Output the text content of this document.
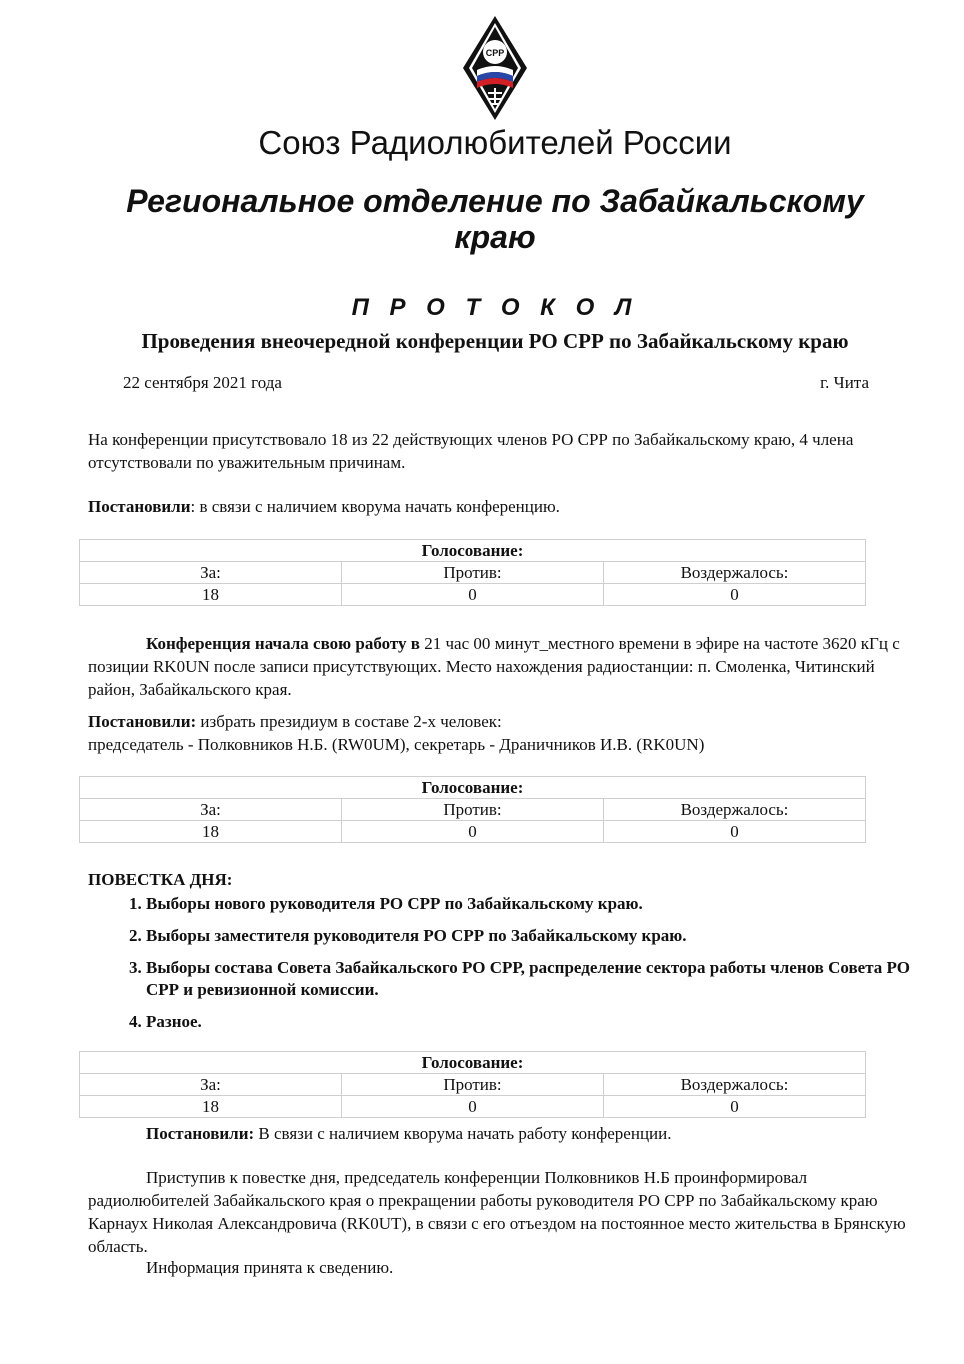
СРР
Союз Радиолюбителей России
Региональное отделение по Забайкальскому краю
П Р О Т О К О Л
Проведения внеочередной конференции РО СРР по Забайкальскому краю
22 сентября 2021 года	г. Чита
На конференции присутствовало 18 из 22 действующих членов РО СРР по Забайкальскому краю, 4 члена отсутствовали по уважительным причинам.
Постановили: в связи с наличием кворума начать конференцию.
Голосование:		
За:	Против:	Воздержалось:
18	0	0
Конференция начала свою работу в 21 час 00 минут_местного времени в эфире на частоте 3620 кГц с позиции RK0UN после записи присутствующих. Место нахождения радиостанции: п. Смоленка, Читинский район, Забайкальского края.
Постановили: избрать президиум в составе 2-х человек:
председатель - Полковников Н.Б. (RW0UM), секретарь - Драничников И.В. (RK0UN)
Голосование:		
За:	Против:	Воздержалось:
18	0	0
ПОВЕСТКА ДНЯ:
1. Выборы нового руководителя РО СРР по Забайкальскому краю.
2. Выборы заместителя руководителя РО СРР по Забайкальскому краю.
3. Выборы состава Совета Забайкальского РО СРР, распределение сектора работы членов Совета РО СРР и ревизионной комиссии.
4. Разное.
Голосование:		
За:	Против:	Воздержалось:
18	0	0
Постановили: В связи с наличием кворума начать работу конференции.
Приступив к повестке дня, председатель конференции Полковников Н.Б проинформировал радиолюбителей Забайкальского края о прекращении работы руководителя РО СРР по Забайкальскому краю Карнаух Николая Александровича (RK0UT), в связи с его отъездом на постоянное место жительства в Брянскую область.
Информация принята к сведению.
